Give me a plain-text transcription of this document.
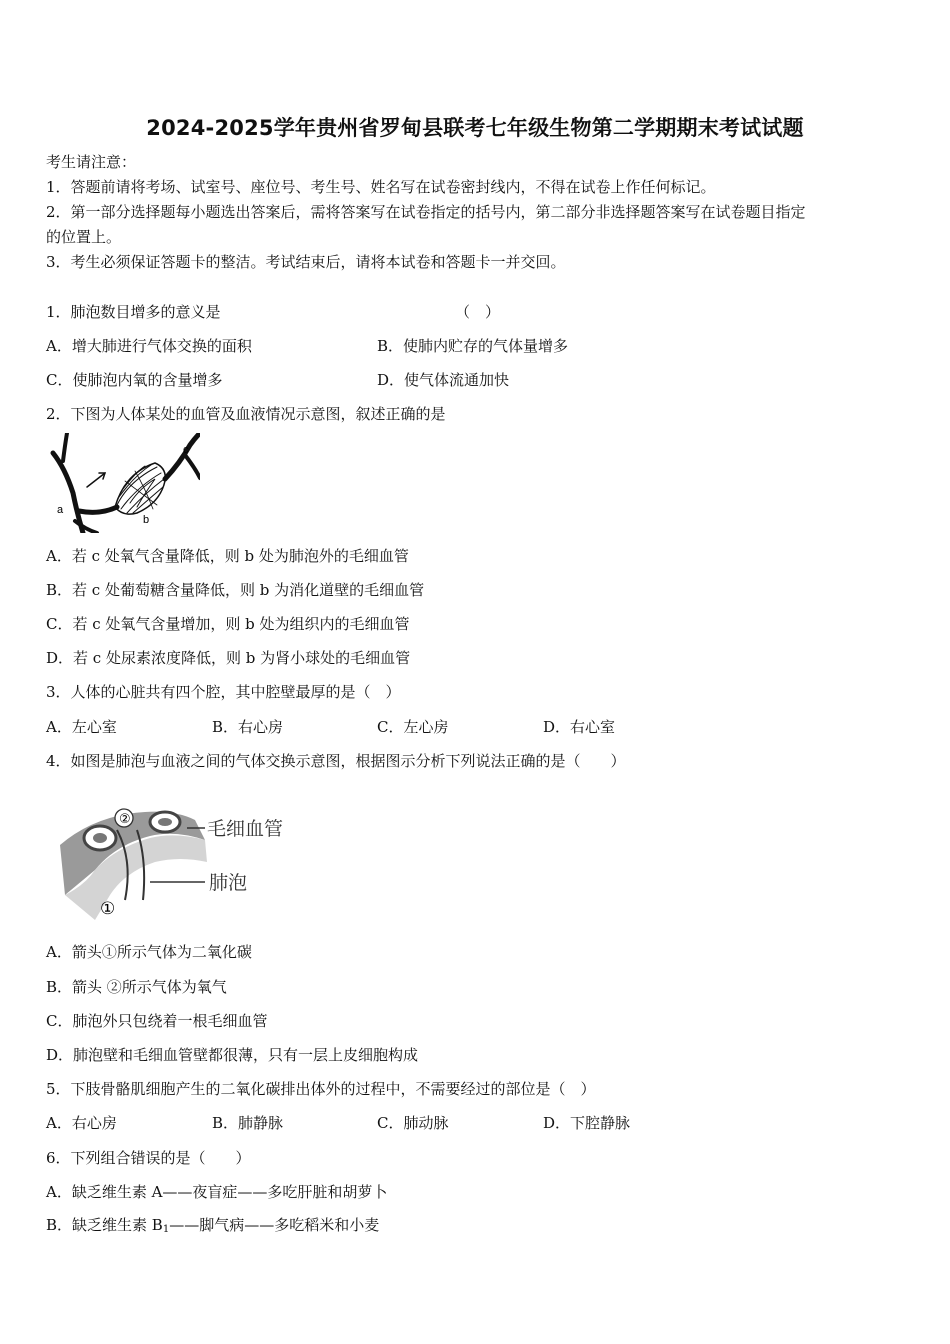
2024-2025学年贵州省罗甸县联考七年级生物第二学期期末考试试题
考生请注意：
1．答题前请将考场、试室号、座位号、考生号、姓名写在试卷密封线内，不得在试卷上作任何标记。
2．第一部分选择题每小题选出答案后，需将答案写在试卷指定的括号内，第二部分非选择题答案写在试卷题目指定
的位置上。
3．考生必须保证答题卡的整洁。考试结束后，请将本试卷和答题卡一并交回。
1．肺泡数目增多的意义是	（　）
A．增大肺进行气体交换的面积	B．使肺内贮存的气体量增多
C．使肺泡内氧的含量增多	D．使气体流通加快
2．下图为人体某处的血管及血液情况示意图，叙述正确的是
a
b
c
A．若 c 处氧气含量降低，则 b 处为肺泡外的毛细血管
B．若 c 处葡萄糖含量降低，则 b 为消化道壁的毛细血管
C．若 c 处氧气含量增加，则 b 处为组织内的毛细血管
D．若 c 处尿素浓度降低，则 b 为肾小球处的毛细血管
3．人体的心脏共有四个腔，其中腔壁最厚的是（　）
A．左心室	B．右心房	C．左心房	D．右心室
4．如图是肺泡与血液之间的气体交换示意图，根据图示分析下列说法正确的是（　　）
②
①
毛细血管
肺泡
A．箭头①所示气体为二氧化碳
B．箭头 ②所示气体为氧气
C．肺泡外只包绕着一根毛细血管
D．肺泡壁和毛细血管壁都很薄，只有一层上皮细胞构成
5．下肢骨骼肌细胞产生的二氧化碳排出体外的过程中，不需要经过的部位是（　）
A．右心房	B．肺静脉	C．肺动脉	D．下腔静脉
6．下列组合错误的是（　　）
A．缺乏维生素 A——夜盲症——多吃肝脏和胡萝卜
B．缺乏维生素 $B_1——$脚气病——多吃稻米和小麦
